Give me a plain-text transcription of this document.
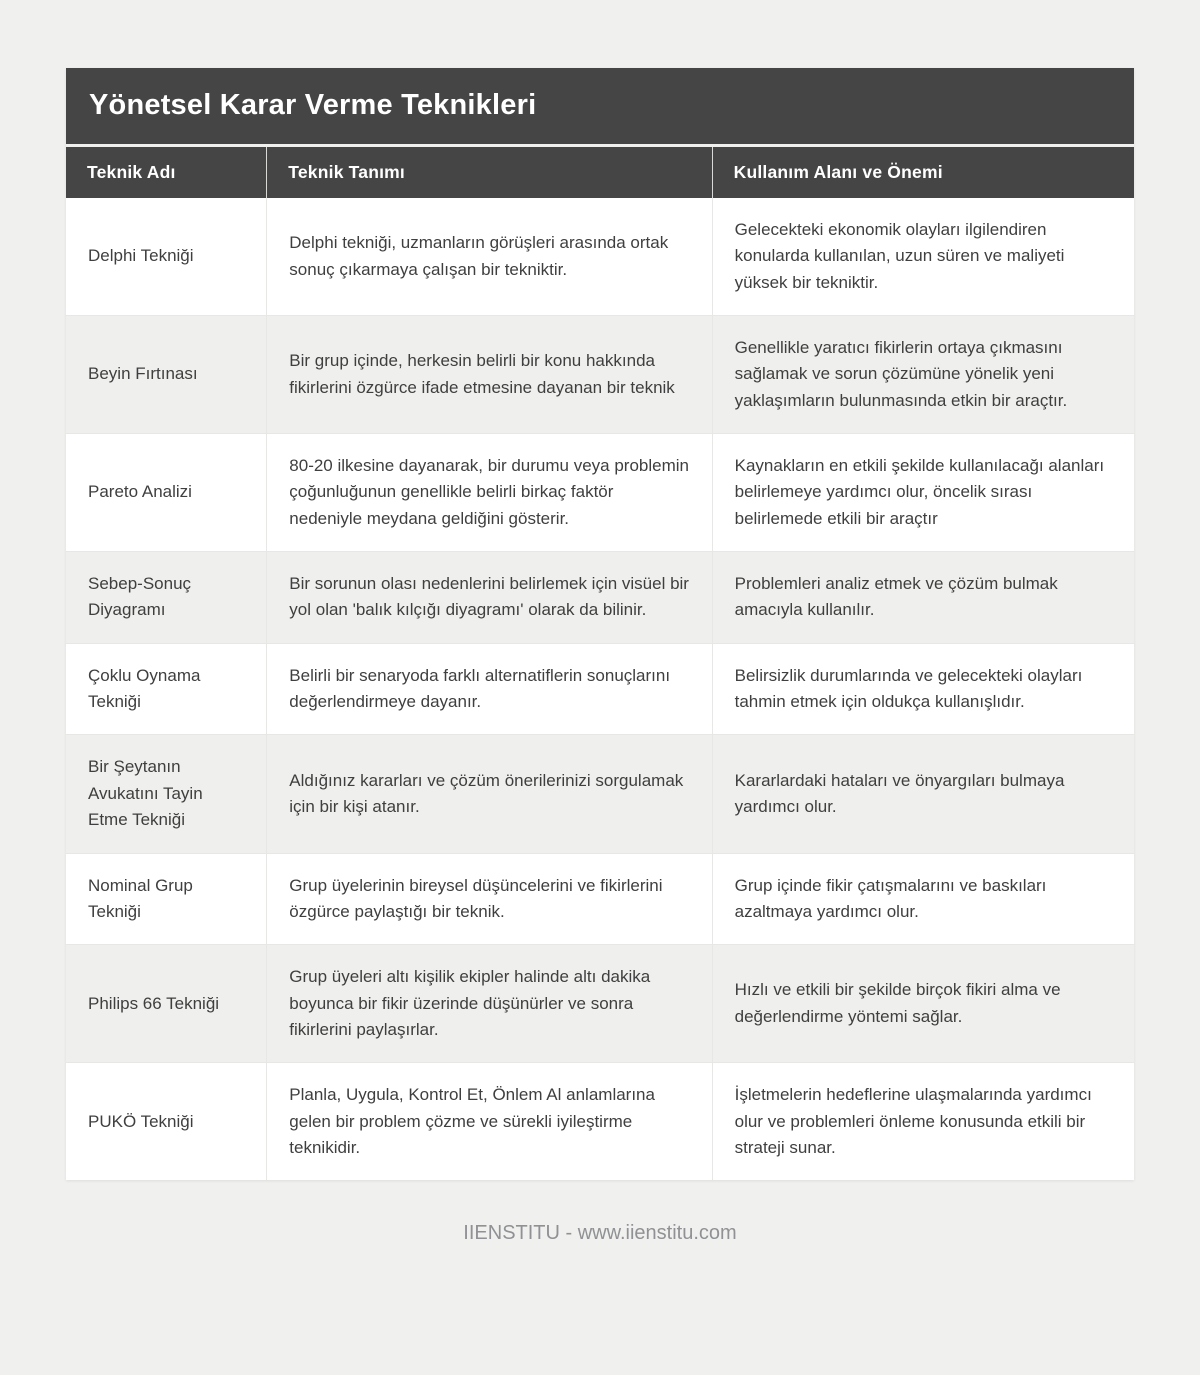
Yönetsel Karar Verme Teknikleri
Teknik Adı	Teknik Tanımı	Kullanım Alanı ve Önemi
Delphi Tekniği	Delphi tekniği, uzmanların görüşleri arasında ortak sonuç çıkarmaya çalışan bir tekniktir.	Gelecekteki ekonomik olayları ilgilendiren konularda kullanılan, uzun süren ve maliyeti yüksek bir tekniktir.
Beyin Fırtınası	Bir grup içinde, herkesin belirli bir konu hakkında fikirlerini özgürce ifade etmesine dayanan bir teknik	Genellikle yaratıcı fikirlerin ortaya çıkmasını sağlamak ve sorun çözümüne yönelik yeni yaklaşımların bulunmasında etkin bir araçtır.
Pareto Analizi	80-20 ilkesine dayanarak, bir durumu veya problemin çoğunluğunun genellikle belirli birkaç faktör nedeniyle meydana geldiğini gösterir.	Kaynakların en etkili şekilde kullanılacağı alanları belirlemeye yardımcı olur, öncelik sırası belirlemede etkili bir araçtır
Sebep-Sonuç Diyagramı	Bir sorunun olası nedenlerini belirlemek için visüel bir yol olan 'balık kılçığı diyagramı' olarak da bilinir.	Problemleri analiz etmek ve çözüm bulmak amacıyla kullanılır.
Çoklu Oynama Tekniği	Belirli bir senaryoda farklı alternatiflerin sonuçlarını değerlendirmeye dayanır.	Belirsizlik durumlarında ve gelecekteki olayları tahmin etmek için oldukça kullanışlıdır.
Bir Şeytanın Avukatını Tayin Etme Tekniği	Aldığınız kararları ve çözüm önerilerinizi sorgulamak için bir kişi atanır.	Kararlardaki hataları ve önyargıları bulmaya yardımcı olur.
Nominal Grup Tekniği	Grup üyelerinin bireysel düşüncelerini ve fikirlerini özgürce paylaştığı bir teknik.	Grup içinde fikir çatışmalarını ve baskıları azaltmaya yardımcı olur.
Philips 66 Tekniği	Grup üyeleri altı kişilik ekipler halinde altı dakika boyunca bir fikir üzerinde düşünürler ve sonra fikirlerini paylaşırlar.	Hızlı ve etkili bir şekilde birçok fikiri alma ve değerlendirme yöntemi sağlar.
PUKÖ Tekniği	Planla, Uygula, Kontrol Et, Önlem Al anlamlarına gelen bir problem çözme ve sürekli iyileştirme teknikidir.	İşletmelerin hedeflerine ulaşmalarında yardımcı olur ve problemleri önleme konusunda etkili bir strateji sunar.
IIENSTITU - www.iienstitu.com
